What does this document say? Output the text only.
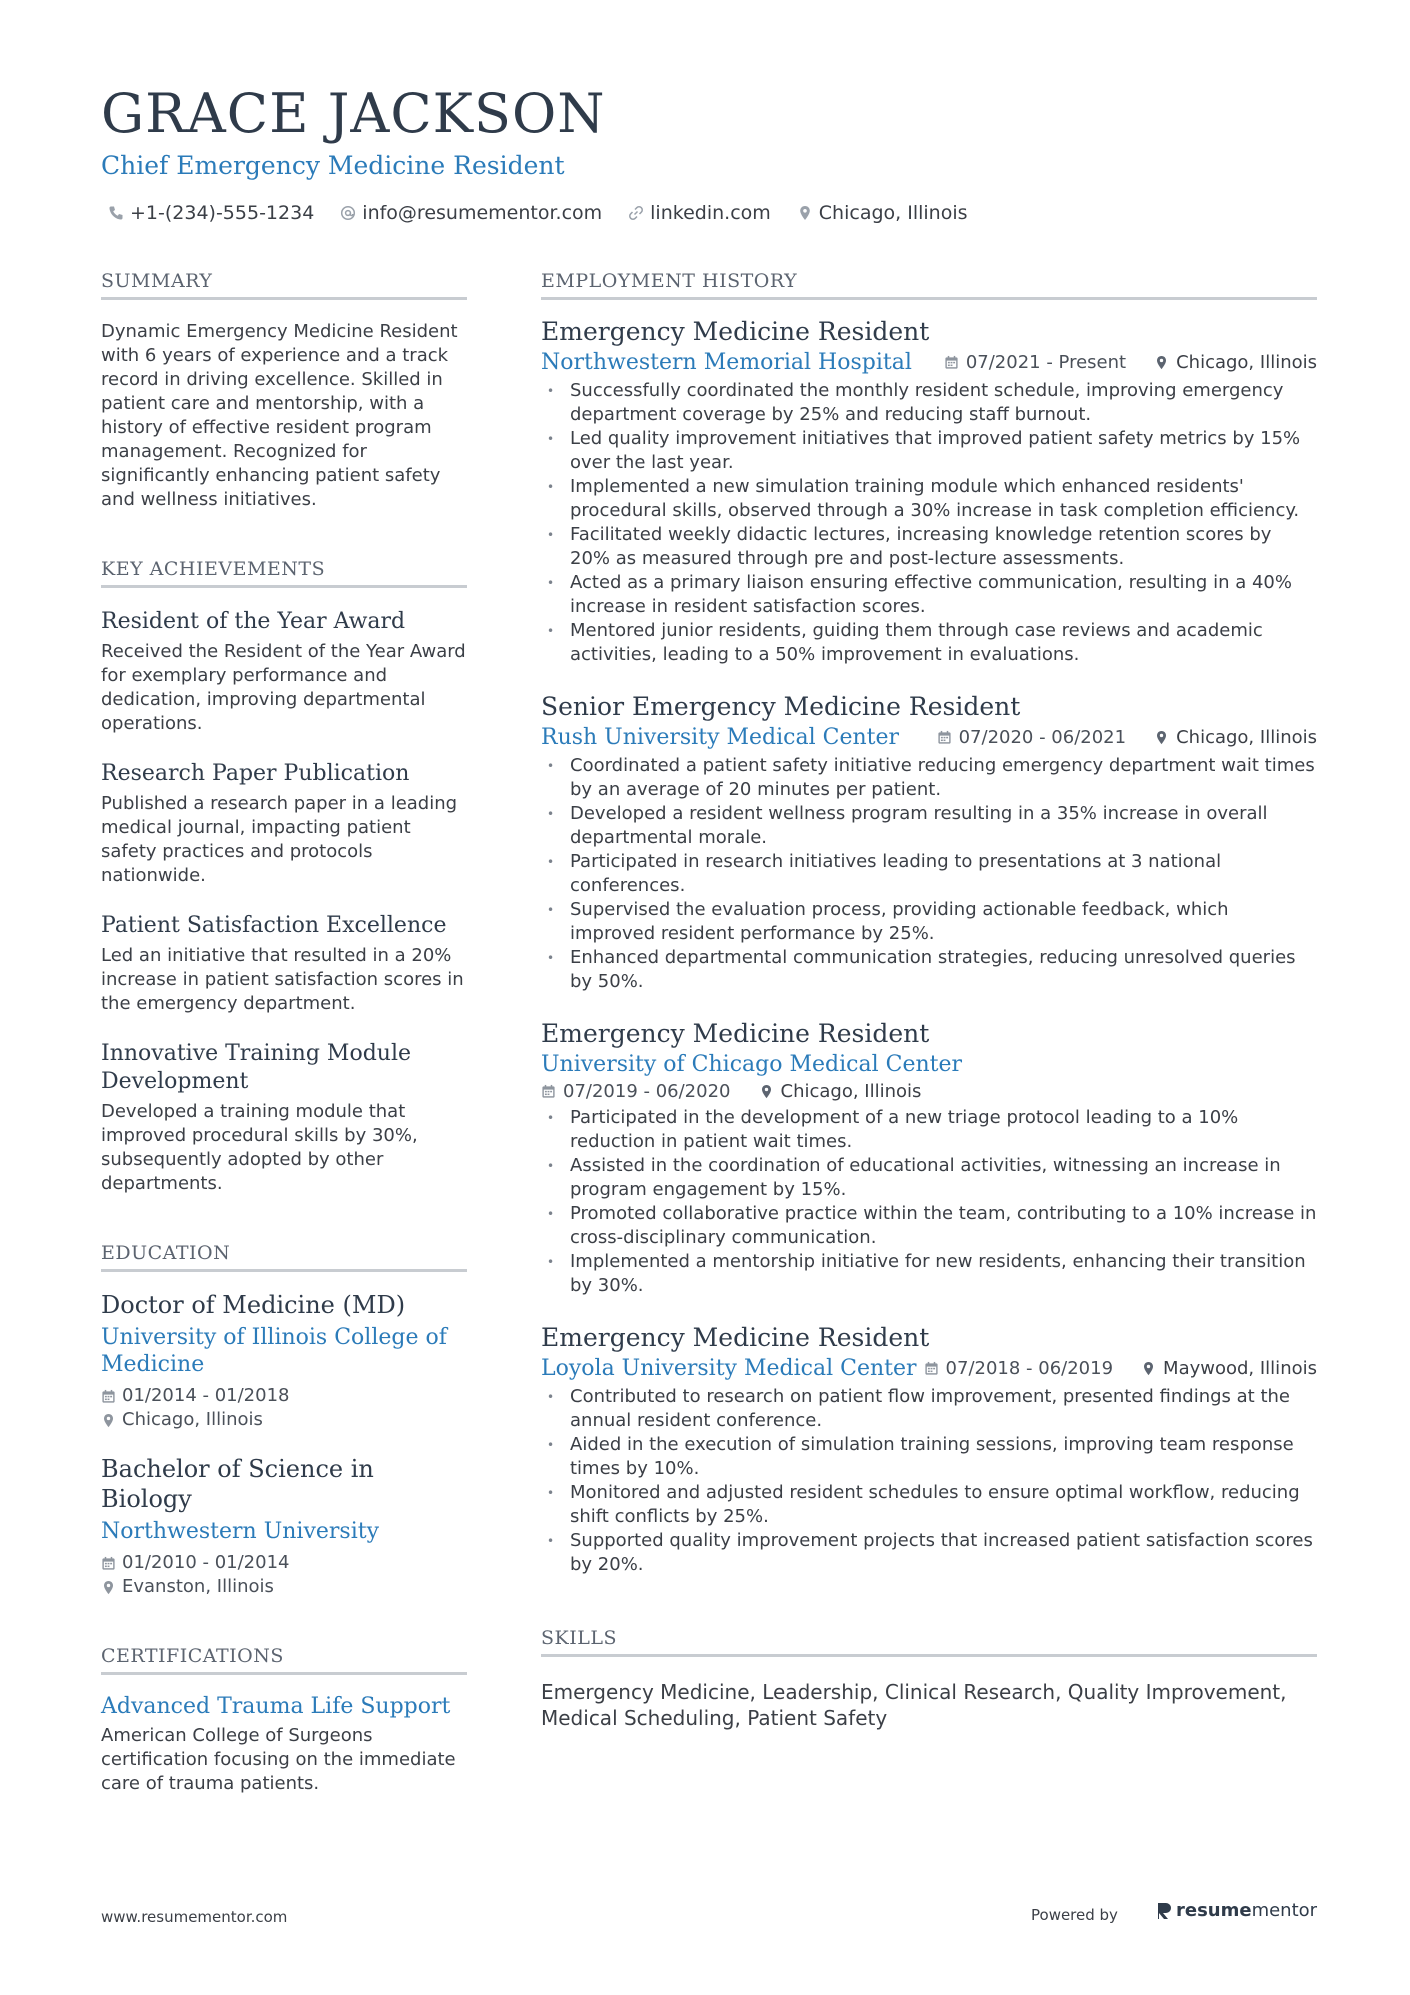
GRACE JACKSON
Chief Emergency Medicine Resident
+1-(234)-555-1234	info@resumementor.com	linkedin.com	Chicago, Illinois
SUMMARY
Dynamic Emergency Medicine Resident with 6 years of experience and a track record in driving excellence. Skilled in patient care and mentorship, with a history of effective resident program management. Recognized for significantly enhancing patient safety and wellness initiatives.
KEY ACHIEVEMENTS
Resident of the Year Award
Received the Resident of the Year Award for exemplary performance and dedication, improving departmental operations.
Research Paper Publication
Published a research paper in a leading medical journal, impacting patient safety practices and protocols nationwide.
Patient Satisfaction Excellence
Led an initiative that resulted in a 20% increase in patient satisfaction scores in the emergency department.
Innovative Training Module Development
Developed a training module that improved procedural skills by 30%, subsequently adopted by other departments.
EDUCATION
Doctor of Medicine (MD)
University of Illinois College of Medicine
01/2014 - 01/2018
Chicago, Illinois
Bachelor of Science in Biology
Northwestern University
01/2010 - 01/2014
Evanston, Illinois
CERTIFICATIONS
Advanced Trauma Life Support
American College of Surgeons certification focusing on the immediate care of trauma patients.
EMPLOYMENT HISTORY
Emergency Medicine Resident
Northwestern Memorial Hospital	07/2021 - Present	Chicago, Illinois
• Successfully coordinated the monthly resident schedule, improving emergency department coverage by 25% and reducing staff burnout.
• Led quality improvement initiatives that improved patient safety metrics by 15% over the last year.
• Implemented a new simulation training module which enhanced residents' procedural skills, observed through a 30% increase in task completion efficiency.
• Facilitated weekly didactic lectures, increasing knowledge retention scores by 20% as measured through pre and post-lecture assessments.
• Acted as a primary liaison ensuring effective communication, resulting in a 40% increase in resident satisfaction scores.
• Mentored junior residents, guiding them through case reviews and academic activities, leading to a 50% improvement in evaluations.
Senior Emergency Medicine Resident
Rush University Medical Center	07/2020 - 06/2021	Chicago, Illinois
• Coordinated a patient safety initiative reducing emergency department wait times by an average of 20 minutes per patient.
• Developed a resident wellness program resulting in a 35% increase in overall departmental morale.
• Participated in research initiatives leading to presentations at 3 national conferences.
• Supervised the evaluation process, providing actionable feedback, which improved resident performance by 25%.
• Enhanced departmental communication strategies, reducing unresolved queries by 50%.
Emergency Medicine Resident
University of Chicago Medical Center
07/2019 - 06/2020	Chicago, Illinois
• Participated in the development of a new triage protocol leading to a 10% reduction in patient wait times.
• Assisted in the coordination of educational activities, witnessing an increase in program engagement by 15%.
• Promoted collaborative practice within the team, contributing to a 10% increase in cross-disciplinary communication.
• Implemented a mentorship initiative for new residents, enhancing their transition by 30%.
Emergency Medicine Resident
Loyola University Medical Center 07/2018 - 06/2019	Maywood, Illinois
• Contributed to research on patient flow improvement, presented findings at the annual resident conference.
• Aided in the execution of simulation training sessions, improving team response times by 10%.
• Monitored and adjusted resident schedules to ensure optimal workflow, reducing shift conflicts by 25%.
• Supported quality improvement projects that increased patient satisfaction scores by 20%.
SKILLS
Emergency Medicine, Leadership, Clinical Research, Quality Improvement, Medical Scheduling, Patient Safety
www.resumementor.com	Powered by	resume mentor
